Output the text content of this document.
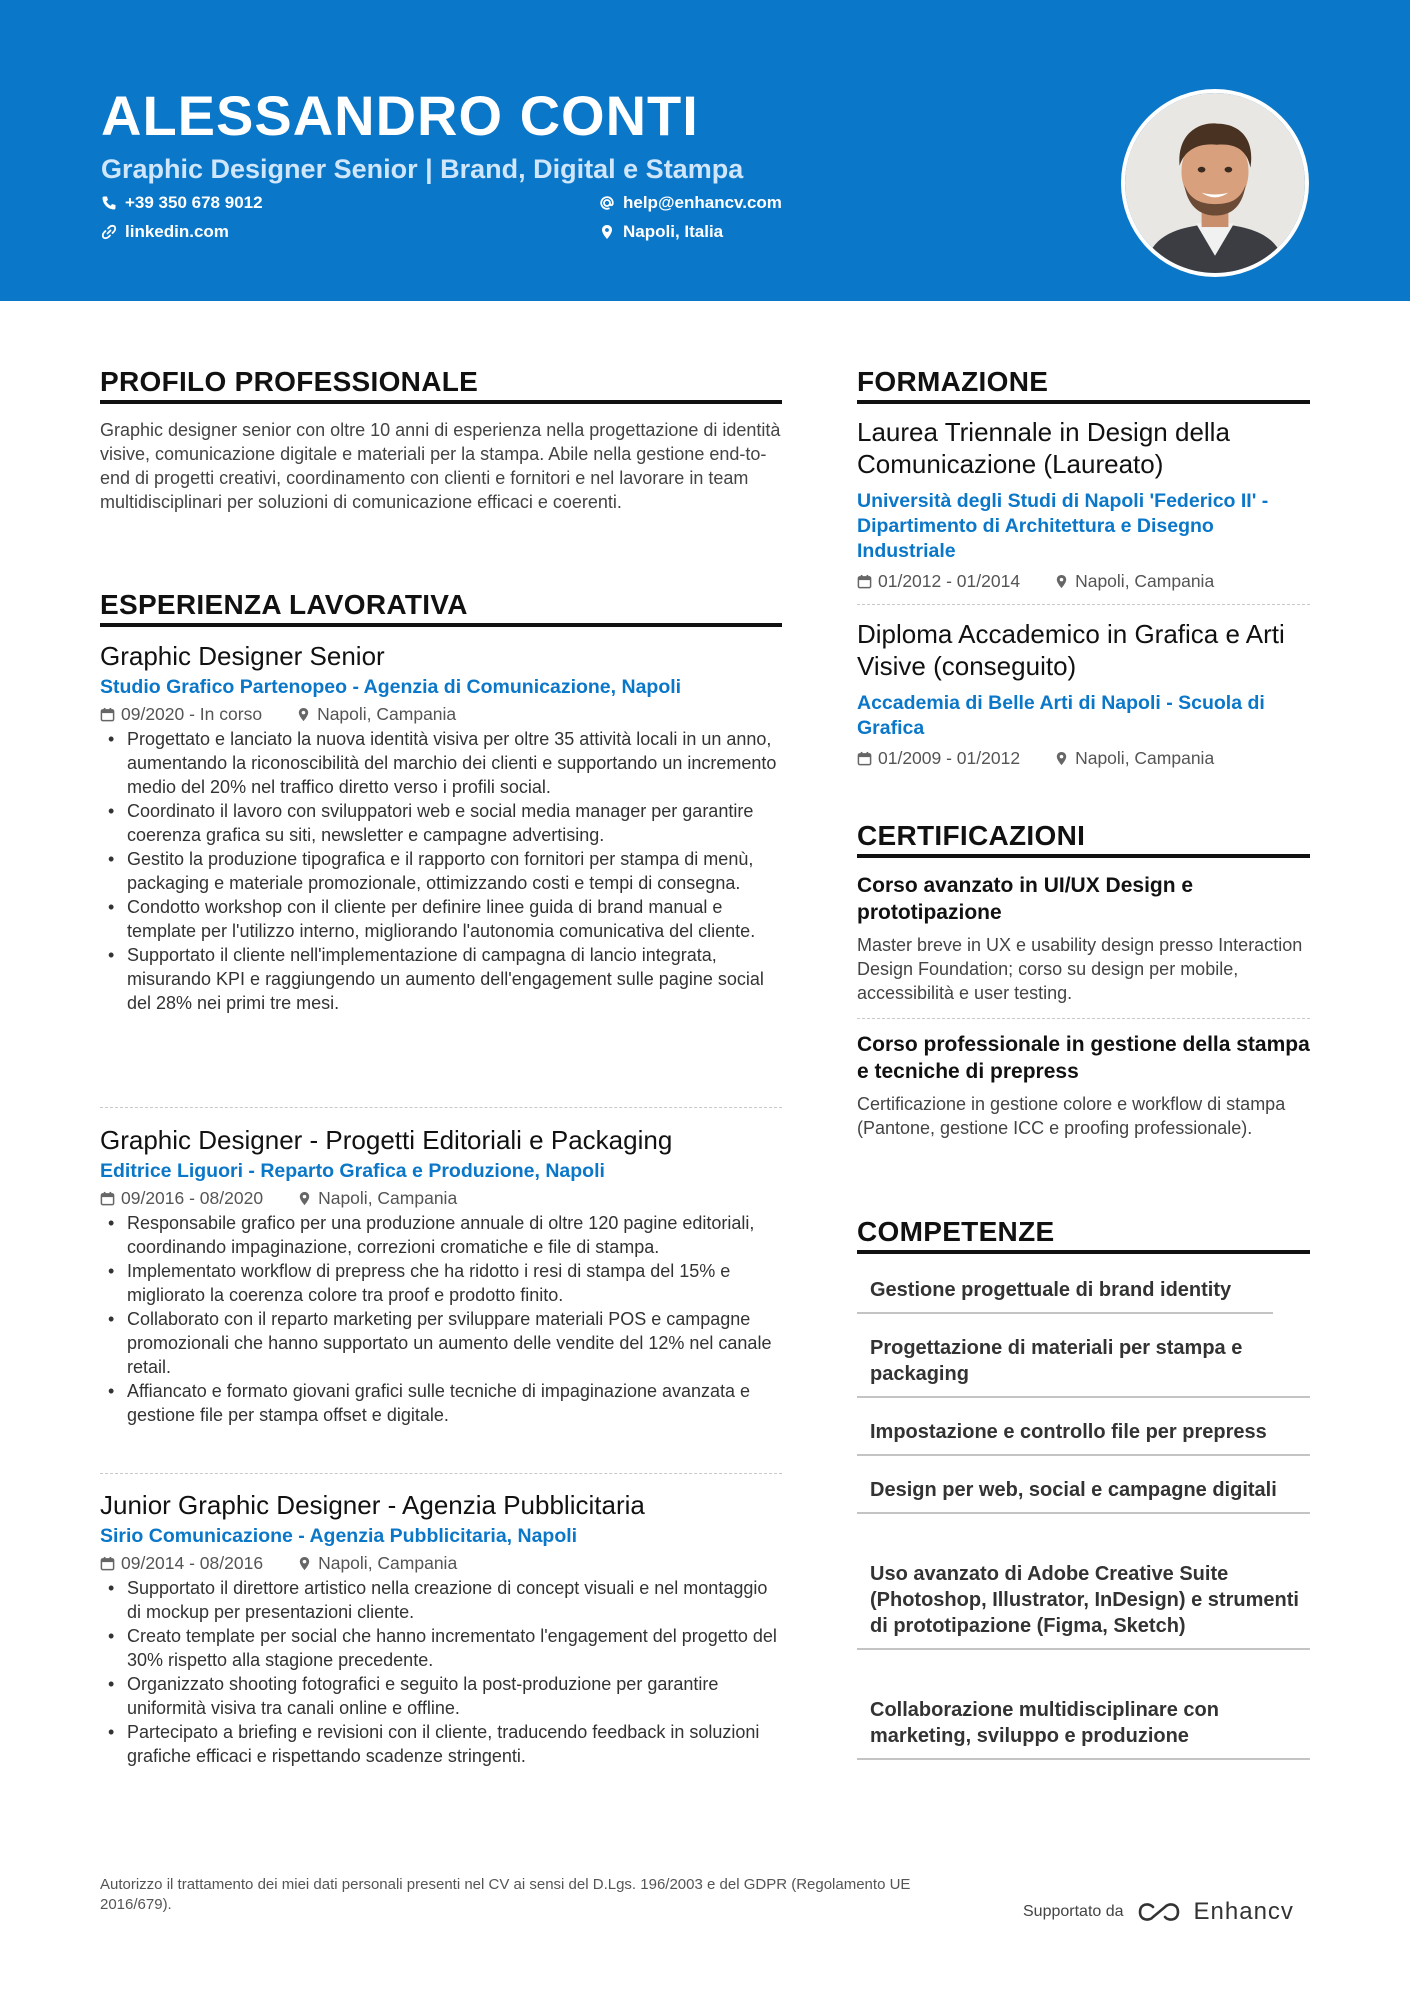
ALESSANDRO CONTI
Graphic Designer Senior | Brand, Digital e Stampa
+39 350 678 9012	help@enhancv.com
linkedin.com	Napoli, Italia
PROFILO PROFESSIONALE
Graphic designer senior con oltre 10 anni di esperienza nella progettazione di identità visive, comunicazione digitale e materiali per la stampa. Abile nella gestione end-to-end di progetti creativi, coordinamento con clienti e fornitori e nel lavorare in team multidisciplinari per soluzioni di comunicazione efficaci e coerenti.
ESPERIENZA LAVORATIVA
Graphic Designer Senior
Studio Grafico Partenopeo - Agenzia di Comunicazione, Napoli
09/2020 - In corso	Napoli, Campania
• Progettato e lanciato la nuova identità visiva per oltre 35 attività locali in un anno, aumentando la riconoscibilità del marchio dei clienti e supportando un incremento medio del 20% nel traffico diretto verso i profili social.
• Coordinato il lavoro con sviluppatori web e social media manager per garantire coerenza grafica su siti, newsletter e campagne advertising.
• Gestito la produzione tipografica e il rapporto con fornitori per stampa di menù, packaging e materiale promozionale, ottimizzando costi e tempi di consegna.
• Condotto workshop con il cliente per definire linee guida di brand manual e template per l'utilizzo interno, migliorando l'autonomia comunicativa del cliente.
• Supportato il cliente nell'implementazione di campagna di lancio integrata, misurando KPI e raggiungendo un aumento dell'engagement sulle pagine social del 28% nei primi tre mesi.
Graphic Designer - Progetti Editoriali e Packaging
Editrice Liguori - Reparto Grafica e Produzione, Napoli
09/2016 - 08/2020	Napoli, Campania
• Responsabile grafico per una produzione annuale di oltre 120 pagine editoriali, coordinando impaginazione, correzioni cromatiche e file di stampa.
• Implementato workflow di prepress che ha ridotto i resi di stampa del 15% e migliorato la coerenza colore tra proof e prodotto finito.
• Collaborato con il reparto marketing per sviluppare materiali POS e campagne promozionali che hanno supportato un aumento delle vendite del 12% nel canale retail.
• Affiancato e formato giovani grafici sulle tecniche di impaginazione avanzata e gestione file per stampa offset e digitale.
Junior Graphic Designer - Agenzia Pubblicitaria
Sirio Comunicazione - Agenzia Pubblicitaria, Napoli
09/2014 - 08/2016	Napoli, Campania
• Supportato il direttore artistico nella creazione di concept visuali e nel montaggio di mockup per presentazioni cliente.
• Creato template per social che hanno incrementato l'engagement del progetto del 30% rispetto alla stagione precedente.
• Organizzato shooting fotografici e seguito la post-produzione per garantire uniformità visiva tra canali online e offline.
• Partecipato a briefing e revisioni con il cliente, traducendo feedback in soluzioni grafiche efficaci e rispettando scadenze stringenti.
FORMAZIONE
Laurea Triennale in Design della Comunicazione (Laureato)
Università degli Studi di Napoli 'Federico II' - Dipartimento di Architettura e Disegno Industriale
01/2012 - 01/2014	Napoli, Campania
Diploma Accademico in Grafica e Arti Visive (conseguito)
Accademia di Belle Arti di Napoli - Scuola di Grafica
01/2009 - 01/2012	Napoli, Campania
CERTIFICAZIONI
Corso avanzato in UI/UX Design e prototipazione
Master breve in UX e usability design presso Interaction Design Foundation; corso su design per mobile, accessibilità e user testing.
Corso professionale in gestione della stampa e tecniche di prepress
Certificazione in gestione colore e workflow di stampa (Pantone, gestione ICC e proofing professionale).
COMPETENZE
Gestione progettuale di brand identity
Progettazione di materiali per stampa e packaging
Impostazione e controllo file per prepress
Design per web, social e campagne digitali
Uso avanzato di Adobe Creative Suite (Photoshop, Illustrator, InDesign) e strumenti di prototipazione (Figma, Sketch)
Collaborazione multidisciplinare con marketing, sviluppo e produzione
Autorizzo il trattamento dei miei dati personali presenti nel CV ai sensi del D.Lgs. 196/2003 e del GDPR (Regolamento UE 2016/679).	Supportato da	Enhancv
